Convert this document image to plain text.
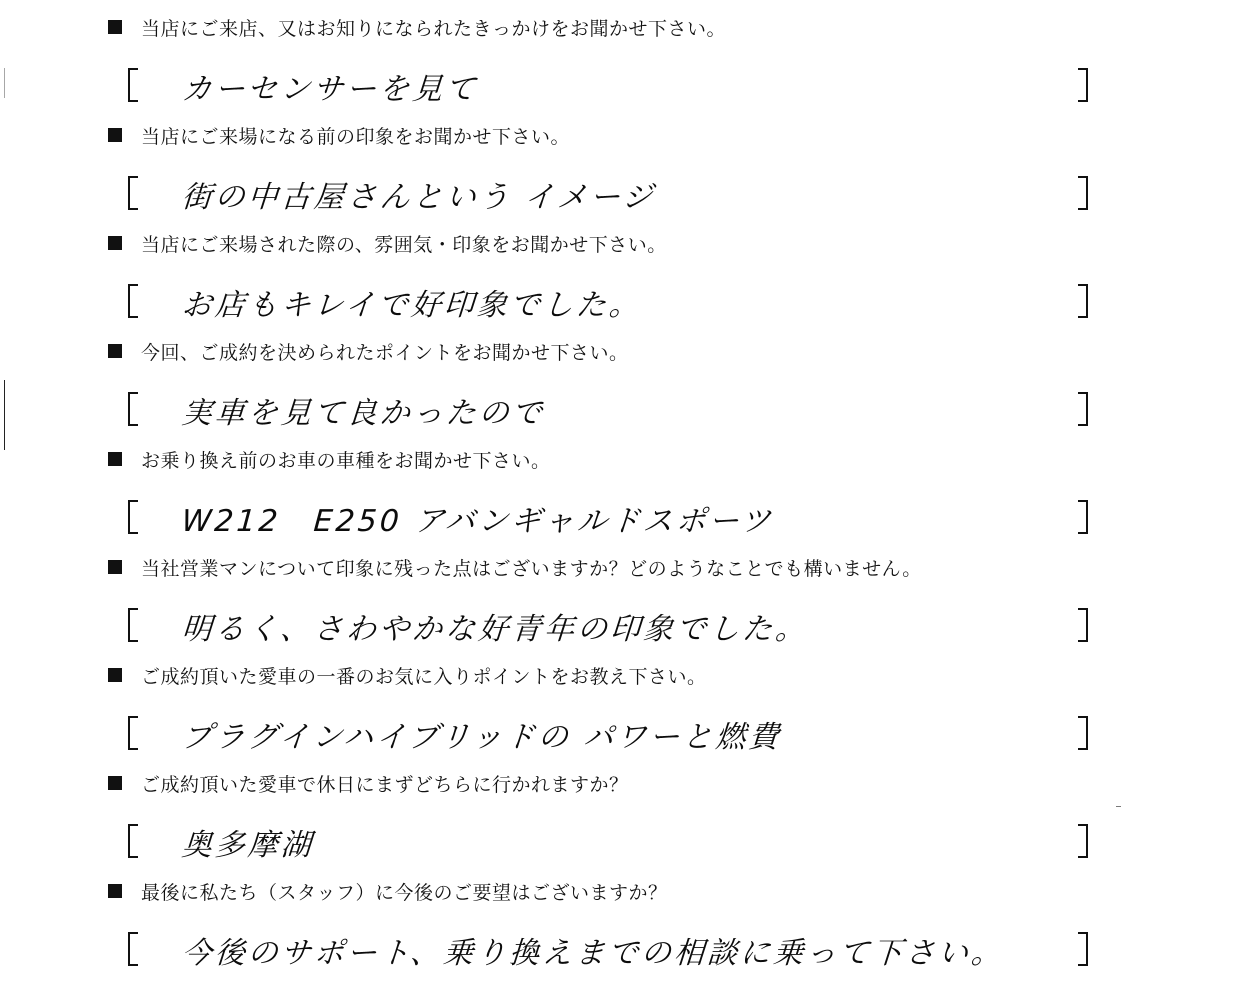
当店にご来店、又はお知りになられたきっかけをお聞かせ下さい。
カーセンサーを見て
当店にご来場になる前の印象をお聞かせ下さい。
街の中古屋さんという イメージ
当店にご来場された際の、雰囲気・印象をお聞かせ下さい。
お店もキレイで好印象でした。
今回、ご成約を決められたポイントをお聞かせ下さい。
実車を見て良かったので
お乗り換え前のお車の車種をお聞かせ下さい。
W212　E250 アバンギャルドスポーツ
当社営業マンについて印象に残った点はございますか？どのようなことでも構いません。
明るく、さわやかな好青年の印象でした。
ご成約頂いた愛車の一番のお気に入りポイントをお教え下さい。
プラグインハイブリッドの パワーと燃費
ご成約頂いた愛車で休日にまずどちらに行かれますか？
奥多摩湖
最後に私たち（スタッフ）に今後のご要望はございますか？
今後のサポート、乗り換えまでの相談に乗って下さい。
